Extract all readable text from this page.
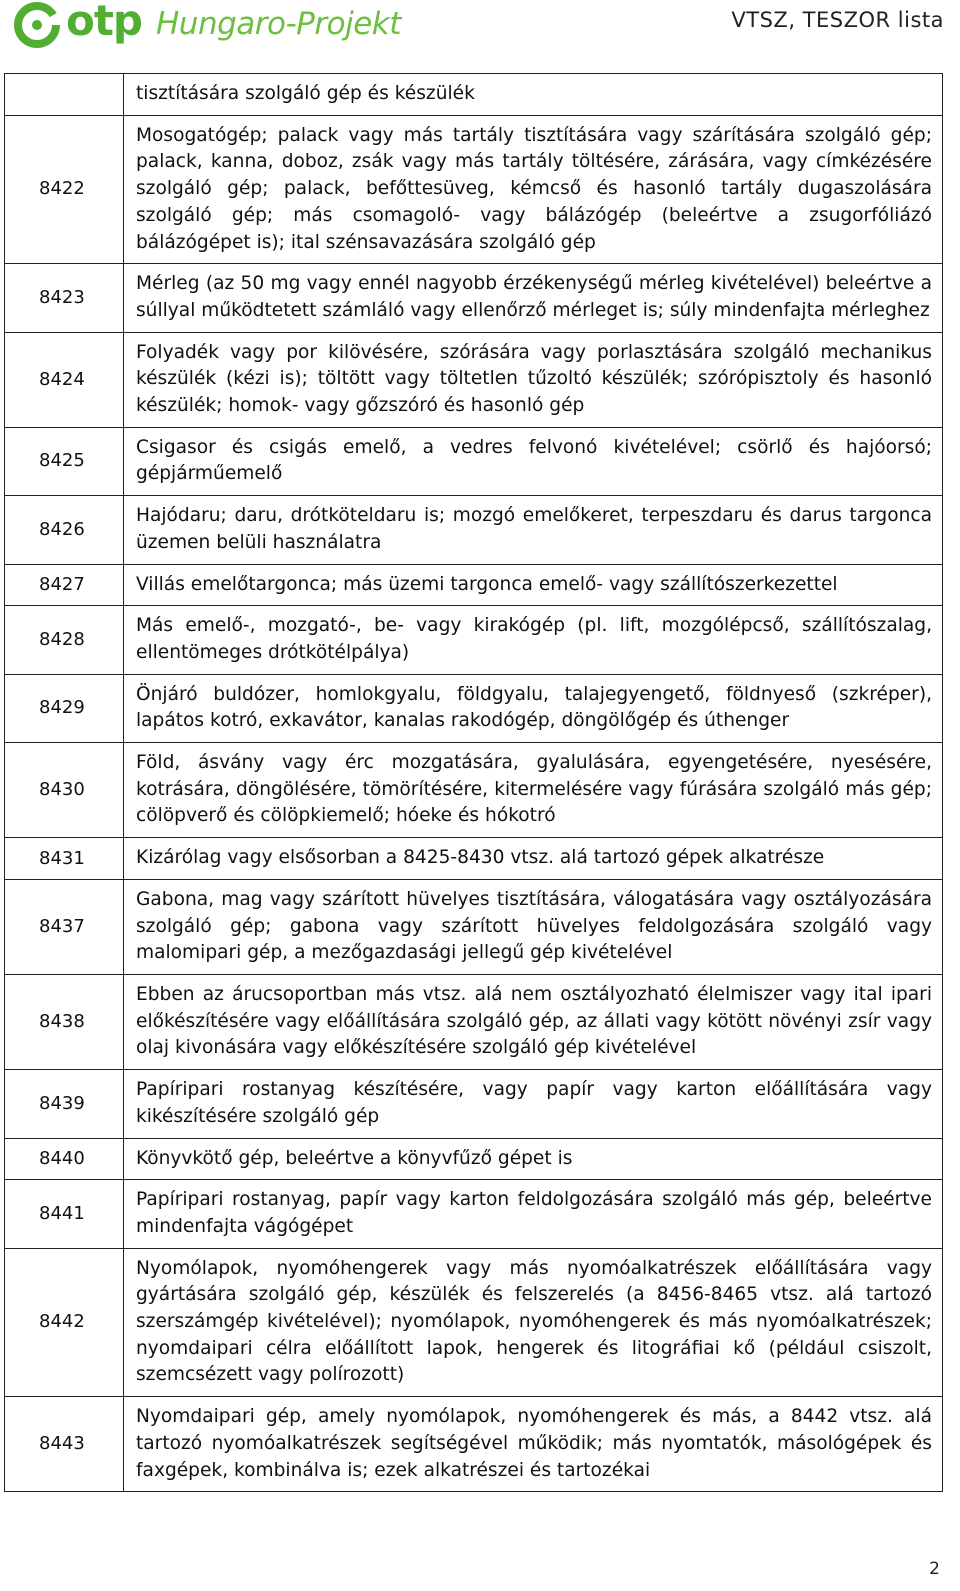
otp Hungaro-Projekt	VTSZ, TESZOR lista
	tisztítására szolgáló gép és készülék
8422	Mosogatógép; palack vagy más tartály tisztítására vagy szárítására szolgáló gép; palack, kanna, doboz, zsák vagy más tartály töltésére, zárására, vagy címkézésére szolgáló gép; palack, befőttesüveg, kémcső és hasonló tartály dugaszolására szolgáló gép; más csomagoló- vagy bálázógép (beleértve a zsugorfóliázó bálázógépet is); ital szénsavazására szolgáló gép
8423	Mérleg (az 50 mg vagy ennél nagyobb érzékenységű mérleg kivételével) beleértve a súllyal működtetett számláló vagy ellenőrző mérleget is; súly mindenfajta mérleghez
8424	Folyadék vagy por kilövésére, szórására vagy porlasztására szolgáló mechanikus készülék (kézi is); töltött vagy töltetlen tűzoltó készülék; szórópisztoly és hasonló készülék; homok- vagy gőzszóró és hasonló gép
8425	Csigasor és csigás emelő, a vedres felvonó kivételével; csörlő és hajóorsó; gépjárműemelő
8426	Hajódaru; daru, drótköteldaru is; mozgó emelőkeret, terpeszdaru és darus targonca üzemen belüli használatra
8427	Villás emelőtargonca; más üzemi targonca emelő- vagy szállítószerkezettel
8428	Más emelő-, mozgató-, be- vagy kirakógép (pl. lift, mozgólépcső, szállítószalag, ellentömeges drótkötélpálya)
8429	Önjáró buldózer, homlokgyalu, földgyalu, talajegyengető, földnyeső (szkréper), lapátos kotró, exkavátor, kanalas rakodógép, döngölőgép és úthenger
8430	Föld, ásvány vagy érc mozgatására, gyalulására, egyengetésére, nyesésére, kotrására, döngölésére, tömörítésére, kitermelésére vagy fúrására szolgáló más gép; cölöpverő és cölöpkiemelő; hóeke és hókotró
8431	Kizárólag vagy elsősorban a 8425-8430 vtsz. alá tartozó gépek alkatrésze
8437	Gabona, mag vagy szárított hüvelyes tisztítására, válogatására vagy osztályozására szolgáló gép; gabona vagy szárított hüvelyes feldolgozására szolgáló vagy malomipari gép, a mezőgazdasági jellegű gép kivételével
8438	Ebben az árucsoportban más vtsz. alá nem osztályozható élelmiszer vagy ital ipari előkészítésére vagy előállítására szolgáló gép, az állati vagy kötött növényi zsír vagy olaj kivonására vagy előkészítésére szolgáló gép kivételével
8439	Papíripari rostanyag készítésére, vagy papír vagy karton előállítására vagy kikészítésére szolgáló gép
8440	Könyvkötő gép, beleértve a könyvfűző gépet is
8441	Papíripari rostanyag, papír vagy karton feldolgozására szolgáló más gép, beleértve mindenfajta vágógépet
8442	Nyomólapok, nyomóhengerek vagy más nyomóalkatrészek előállítására vagy gyártására szolgáló gép, készülék és felszerelés (a 8456-8465 vtsz. alá tartozó szerszámgép kivételével); nyomólapok, nyomóhengerek és más nyomóalkatrészek; nyomdaipari célra előállított lapok, hengerek és litográfiai kő (például csiszolt, szemcsézett vagy polírozott)
8443	Nyomdaipari gép, amely nyomólapok, nyomóhengerek és más, a 8442 vtsz. alá tartozó nyomóalkatrészek segítségével működik; más nyomtatók, másológépek és faxgépek, kombinálva is; ezek alkatrészei és tartozékai
2
